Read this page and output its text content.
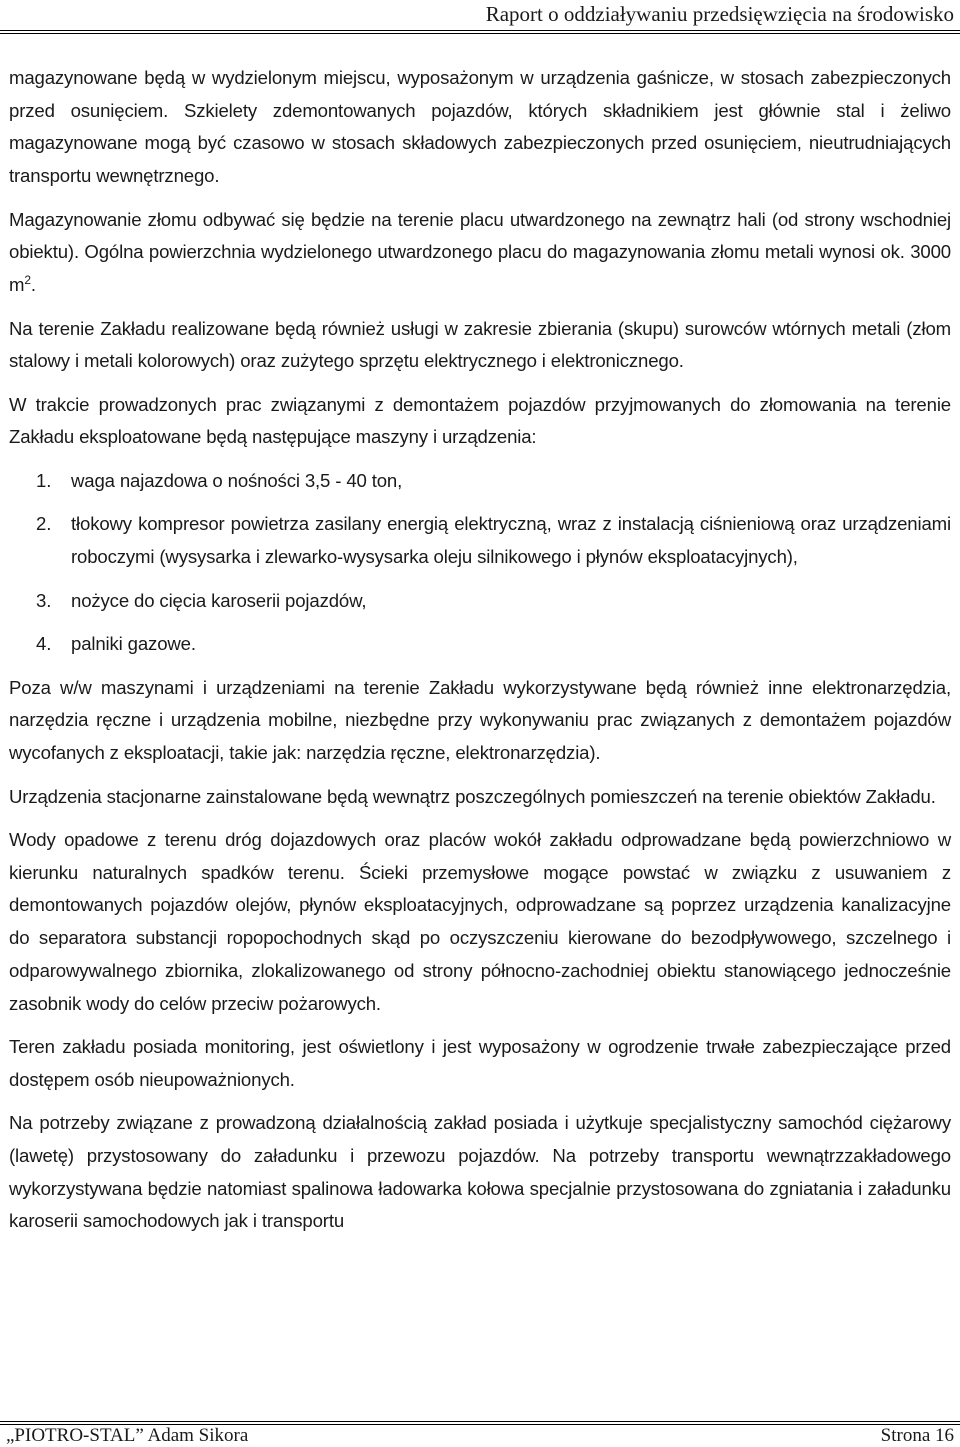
Raport o oddziaływaniu przedsięwzięcia na środowisko

magazynowane będą w wydzielonym miejscu, wyposażonym w urządzenia gaśnicze, w stosach zabezpieczonych przed osunięciem. Szkielety zdemontowanych pojazdów, których składnikiem jest głównie stal i żeliwo magazynowane mogą być czasowo w stosach składowych zabezpieczonych przed osunięciem, nieutrudniających transportu wewnętrznego.

Magazynowanie złomu odbywać się będzie na terenie placu utwardzonego na zewnątrz hali (od strony wschodniej obiektu). Ogólna powierzchnia wydzielonego utwardzonego placu do magazynowania złomu metali wynosi ok. 3000 $m^2$.

Na terenie Zakładu realizowane będą również usługi w zakresie zbierania (skupu) surowców wtórnych metali (złom stalowy i metali kolorowych) oraz zużytego sprzętu elektrycznego i elektronicznego.

W trakcie prowadzonych prac związanymi z demontażem pojazdów przyjmowanych do złomowania na terenie Zakładu eksploatowane będą następujące maszyny i urządzenia:

1. waga najazdowa o nośności 3,5 - 40 ton,
2. tłokowy kompresor powietrza zasilany energią elektryczną, wraz z instalacją ciśnieniową oraz urządzeniami roboczymi (wysysarka i zlewarko-wysysarka oleju silnikowego i płynów eksploatacyjnych),
3. nożyce do cięcia karoserii pojazdów,
4. palniki gazowe.

Poza w/w maszynami i urządzeniami na terenie Zakładu wykorzystywane będą również inne elektronarzędzia, narzędzia ręczne i urządzenia mobilne, niezbędne przy wykonywaniu prac związanych z demontażem pojazdów wycofanych z eksploatacji, takie jak: narzędzia ręczne, elektronarzędzia).

Urządzenia stacjonarne zainstalowane będą wewnątrz poszczególnych pomieszczeń na terenie obiektów Zakładu.

Wody opadowe z terenu dróg dojazdowych oraz placów wokół zakładu odprowadzane będą powierzchniowo w kierunku naturalnych spadków terenu. Ścieki przemysłowe mogące powstać w związku z usuwaniem z demontowanych pojazdów olejów, płynów eksploatacyjnych, odprowadzane są poprzez urządzenia kanalizacyjne do separatora substancji ropopochodnych skąd po oczyszczeniu kierowane do bezodpływowego, szczelnego i odparowywalnego zbiornika, zlokalizowanego od strony północno-zachodniej obiektu stanowiącego jednocześnie zasobnik wody do celów przeciw pożarowych.

Teren zakładu posiada monitoring, jest oświetlony i jest wyposażony w ogrodzenie trwałe zabezpieczające przed dostępem osób nieupoważnionych.

Na potrzeby związane z prowadzoną działalnością zakład posiada i użytkuje specjalistyczny samochód ciężarowy (lawetę) przystosowany do załadunku i przewozu pojazdów. Na potrzeby transportu wewnątrzzakładowego wykorzystywana będzie natomiast spalinowa ładowarka kołowa specjalnie przystosowana do zgniatania i załadunku karoserii samochodowych jak i transportu

„PIOTRO-STAL” Adam Sikora	Strona 16
